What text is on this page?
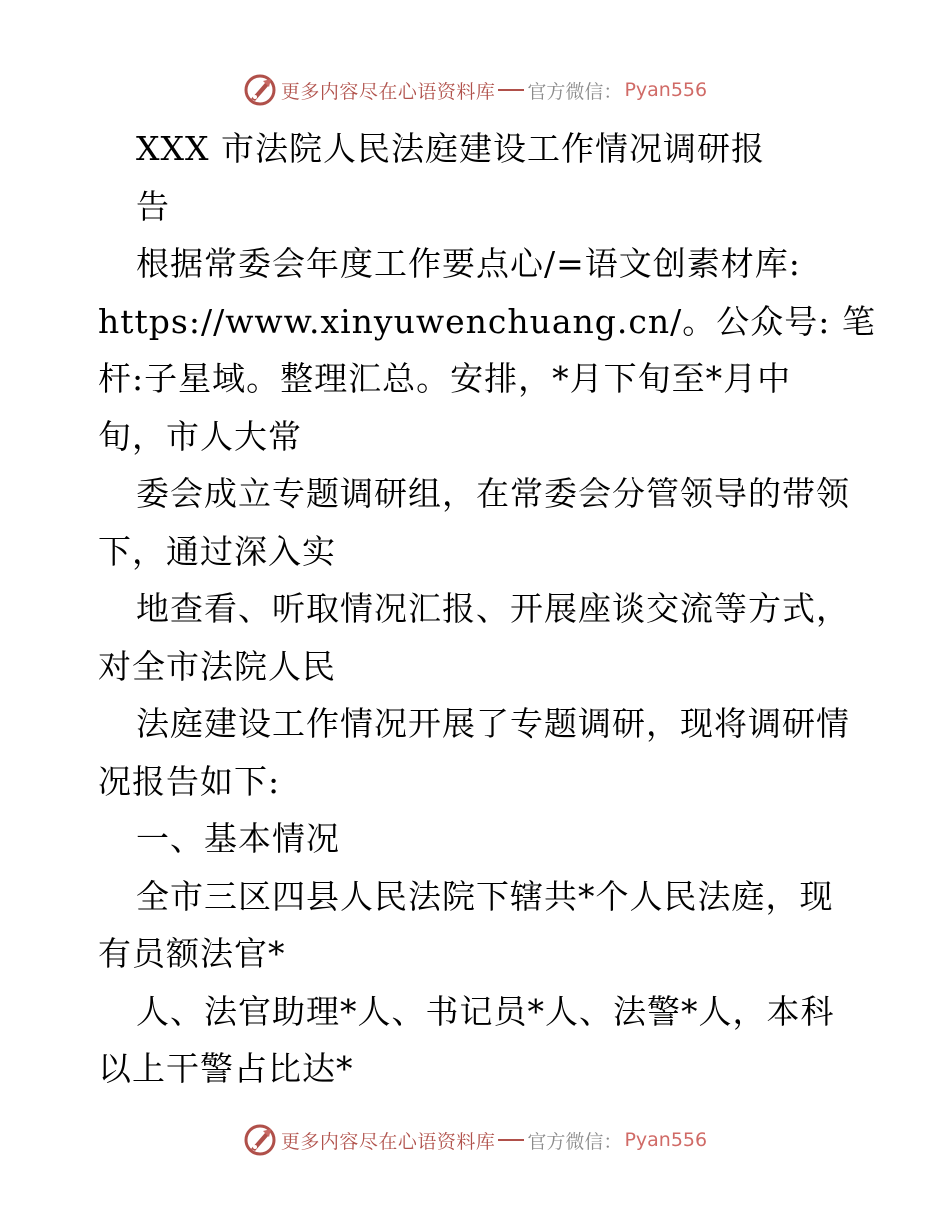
更多内容尽在心语资料库 官方微信： Pyan556
XXX 市法院人民法庭建设工作情况调研报
告
根据常委会年度工作要点心/=语文创素材库:
https://www.xinyuwenchuang.cn/。公众号: 笔
杆:子星域。整理汇总。安排，*月下旬至*月中
旬，市人大常
委会成立专题调研组，在常委会分管领导的带领
下，通过深入实
地查看、听取情况汇报、开展座谈交流等方式，
对全市法院人民
法庭建设工作情况开展了专题调研，现将调研情
况报告如下:
一、基本情况
全市三区四县人民法院下辖共*个人民法庭，现
有员额法官*
人、法官助理*人、书记员*人、法警*人，本科
以上干警占比达*
更多内容尽在心语资料库 官方微信： Pyan556
